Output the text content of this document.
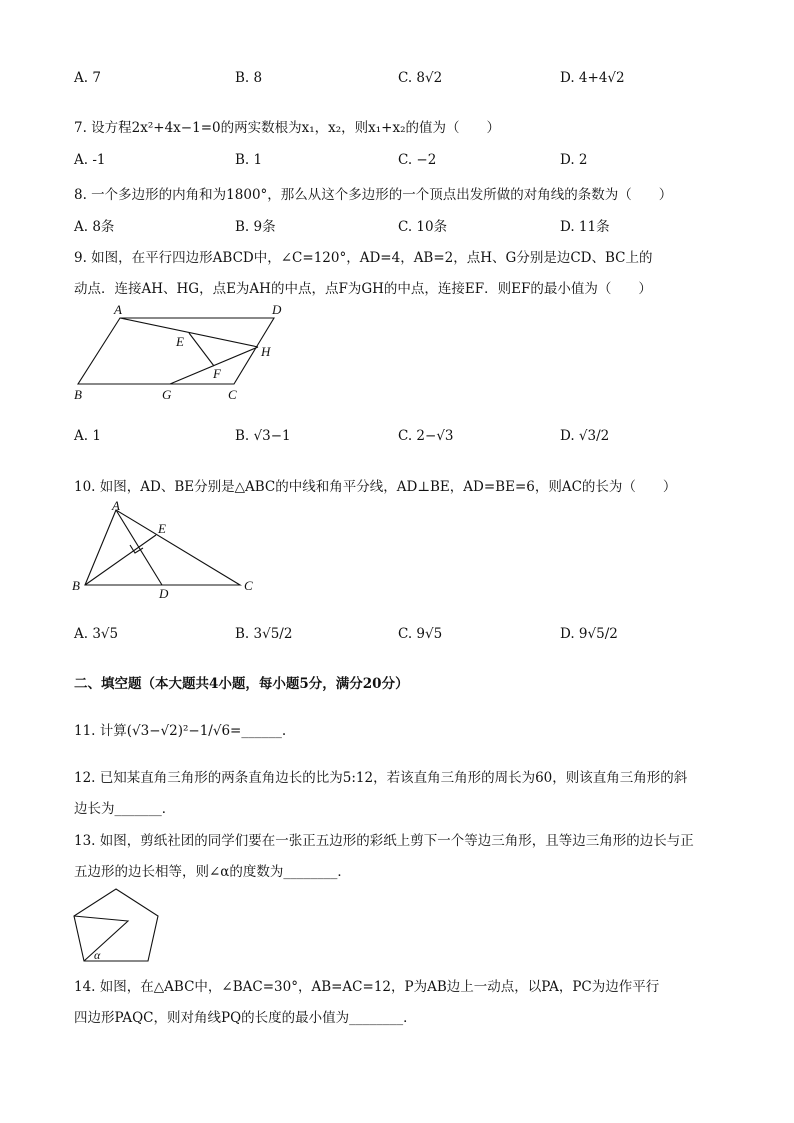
A. 7	B. 8	C. 8√2	D. 4+4√2
7. 设方程2x²+4x−1=0的两实数根为x₁，x₂，则x₁+x₂的值为（　　）
A. -1	B. 1	C. −2	D. 2
8. 一个多边形的内角和为1800°，那么从这个多边形的一个顶点出发所做的对角线的条数为（　　）
A. 8条	B. 9条	C. 10条	D. 11条
9. 如图，在平行四边形ABCD中，∠C=120°，AD=4，AB=2，点H、G分别是边CD、BC上的
动点．连接AH、HG，点E为AH的中点，点F为GH的中点，连接EF．则EF的最小值为（　　）
A	D
E
H
F
B	G	C
A. 1	B. √3−1	C. 2−√3	D. √3/2
10. 如图，AD、BE分别是△ABC的中线和角平分线，AD⊥BE，AD=BE=6，则AC的长为（　　）
A
E
B
D
C
A. 3√5	B. 3√5/2	C. 9√5	D. 9√5/2
二、填空题（本大题共4小题，每小题5分，满分20分）
11. 计算(√3−√2)²−1/√6=______.
12. 已知某直角三角形的两条直角边长的比为5:12，若该直角三角形的周长为60，则该直角三角形的斜
边长为_______．
13. 如图，剪纸社团的同学们要在一张正五边形的彩纸上剪下一个等边三角形，且等边三角形的边长与正
五边形的边长相等，则∠α的度数为________．
α
14. 如图，在△ABC中，∠BAC=30°，AB=AC=12，P为AB边上一动点，以PA，PC为边作平行
四边形PAQC，则对角线PQ的长度的最小值为________．
